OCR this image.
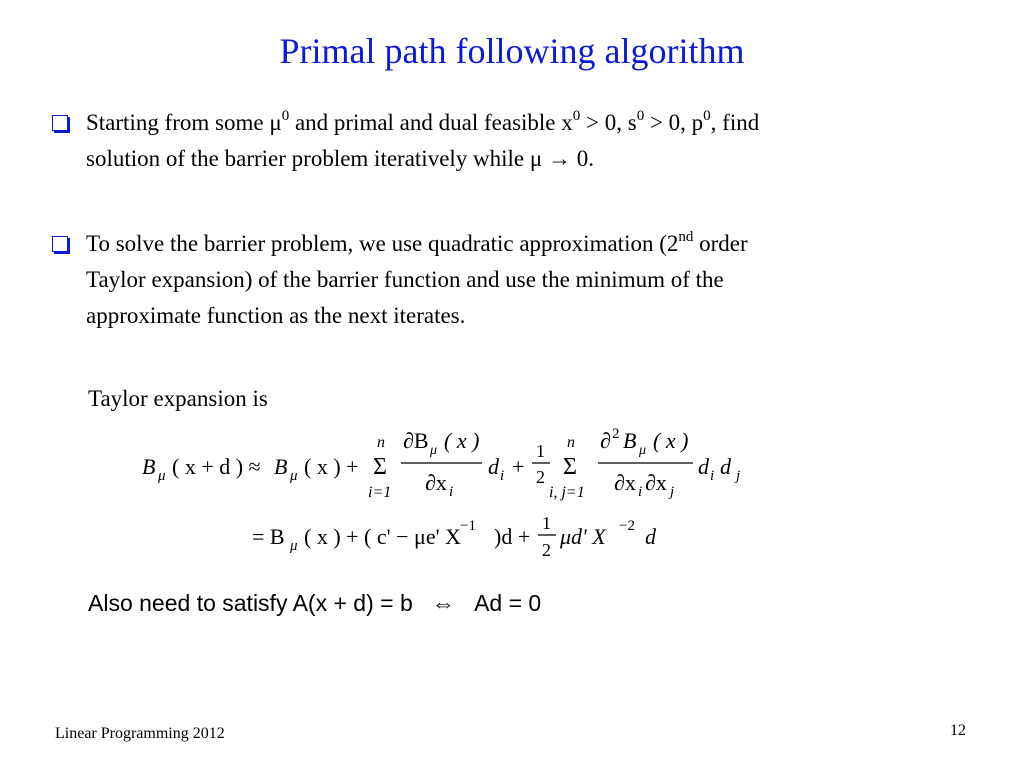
Primal path following algorithm
Starting from some $\mu^0$ and primal and dual feasible $x^0 > 0$, $s^0 > 0$, $p^0$, find
solution of the barrier problem iteratively while μ → 0.
To solve the barrier problem, we use quadratic approximation (2nd order
Taylor expansion) of the barrier function and use the minimum of the
approximate function as the next iterates.
Taylor expansion is
B μ ( x + d ) ≈ B μ ( x ) +
n
Σ
i=1
∂B μ ( x )
∂x i
d i +
1
2
n
Σ
i, j=1
∂ 2 B μ ( x )
∂x i ∂x j
d i d j
= B μ ( x ) + ( c' − μe' X −1 )d +
1
2
μd' X −2 d
Also need to satisfy A(x + d) = b ⇔ Ad = 0
Linear Programming 2012	12
